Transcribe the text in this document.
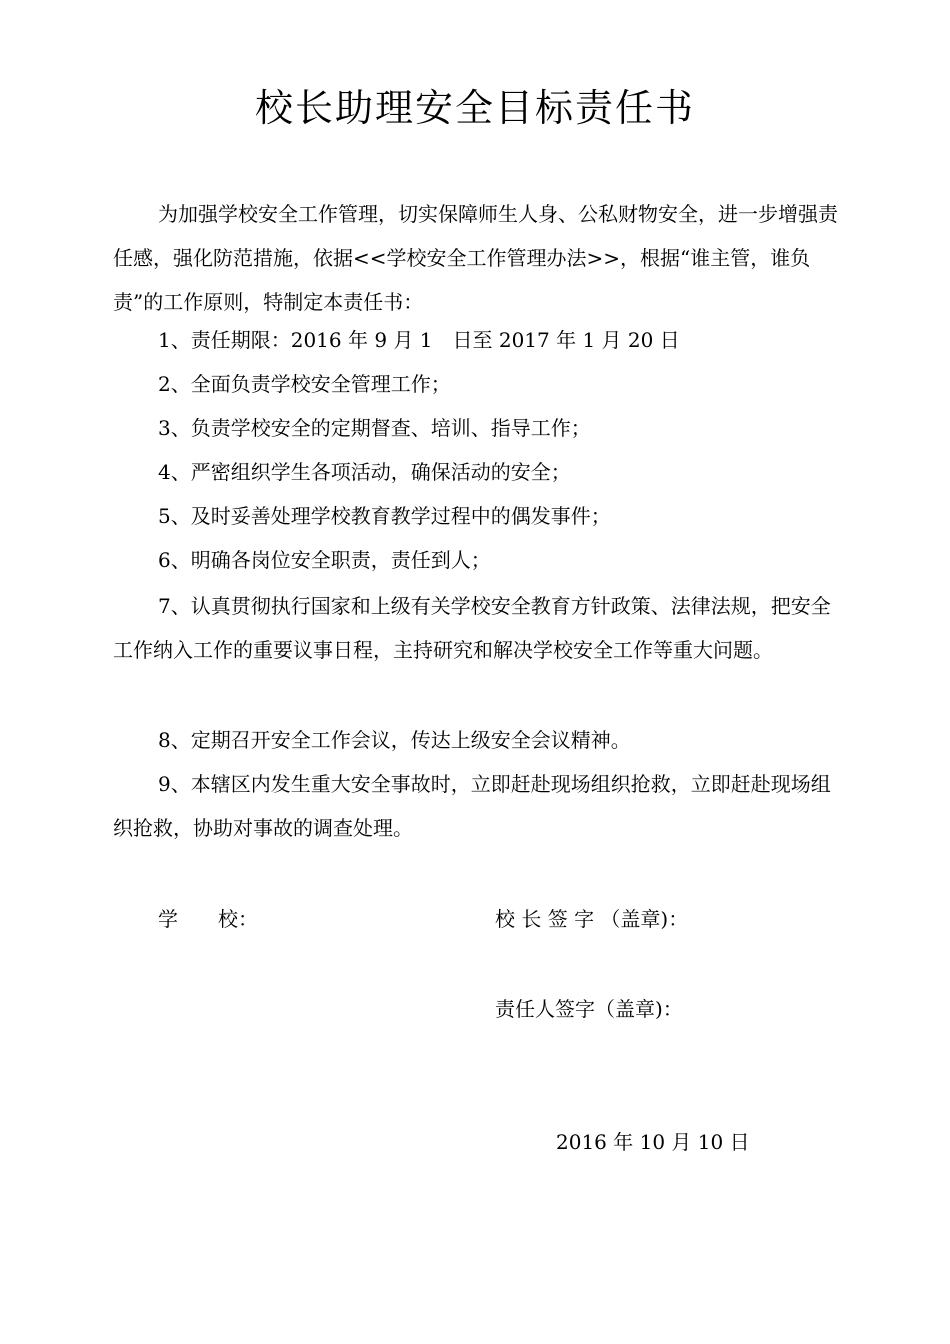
校长助理安全目标责任书
为加强学校安全工作管理，切实保障师生人身、公私财物安全，进一步增强责任感，强化防范措施，依据<<学校安全工作管理办法>>，根据“谁主管，谁负责”的工作原则，特制定本责任书：
1、责任期限：2016 年 9 月 1　日至 2017 年 1 月 20 日
2、全面负责学校安全管理工作；
3、负责学校安全的定期督查、培训、指导工作；
4、严密组织学生各项活动，确保活动的安全；
5、及时妥善处理学校教育教学过程中的偶发事件；
6、明确各岗位安全职责，责任到人；
7、认真贯彻执行国家和上级有关学校安全教育方针政策、法律法规，把安全工作纳入工作的重要议事日程，主持研究和解决学校安全工作等重大问题。
8、定期召开安全工作会议，传达上级安全会议精神。
9、本辖区内发生重大安全事故时，立即赶赴现场组织抢救，立即赶赴现场组织抢救，协助对事故的调查处理。
学　　校：	校 长 签 字 （盖章)：
责任人签字（盖章)：
2016 年 10 月 10 日
